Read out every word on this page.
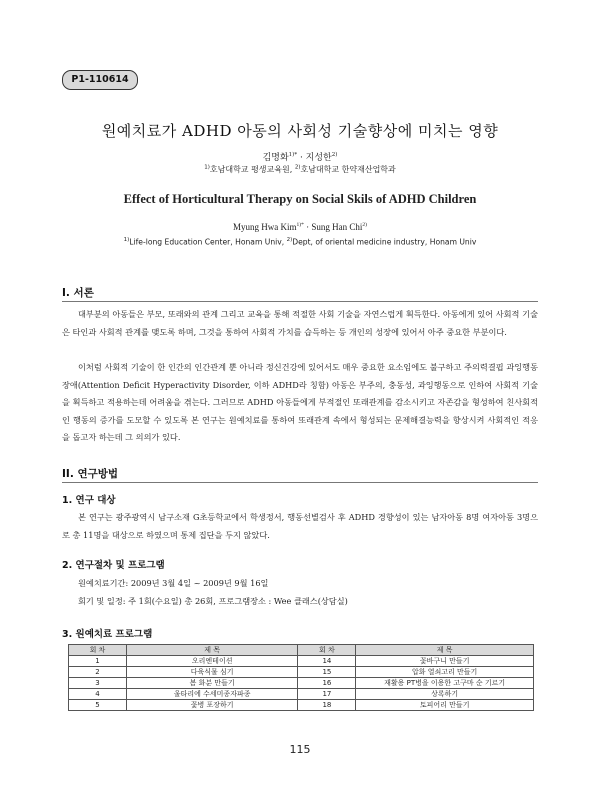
P1-110614
원예치료가 ADHD 아동의 사회성 기술향상에 미치는 영향
김명화$^{1)*}$ · 지성한$^{2)}$
$^{1)}$호남대학교 평생교육원, $^{2)}$호남대학교 한약재산업학과
Effect of Horticultural Therapy on Social Skils of ADHD Children
Myung Hwa Kim$^{1)*}$ · Sung Han Chi$^{2)}$
$^{1)}$Life-long Education Center, Honam Univ, $^{2)}$Dept, of oriental medicine industry, Honam Univ
I. 서론
대부분의 아동들은 부모, 또래와의 관계 그리고 교육을 통해 적절한 사회 기술을 자연스럽게 획득한다. 아동에게 있어 사회적 기술은 타인과 사회적 관계를 맺도록 하며, 그것을 통하여 사회적 가치를 습득하는 등 개인의 성장에 있어서 아주 중요한 부분이다.
이처럼 사회적 기술이 한 인간의 인간관계 뿐 아니라 정신건강에 있어서도 매우 중요한 요소임에도 불구하고 주의력결핍 과잉행동장애(Attention Deficit Hyperactivity Disorder, 이하 ADHD라 칭함) 아동은 부주의, 충동성, 과잉행동으로 인하여 사회적 기술을 획득하고 적용하는데 어려움을 겪는다. 그러므로 ADHD 아동들에게 부적절인 또래관계를 감소시키고 자존감을 형성하여 친사회적인 행동의 증가를 도모할 수 있도록 본 연구는 원예치료를 통하여 또래관계 속에서 형성되는 문제해결능력을 향상시켜 사회적인 적응을 돕고자 하는데 그 의의가 있다.
II. 연구방법
1. 연구 대상
본 연구는 광주광역시 남구소재 G초등학교에서 학생정서, 행동선별검사 후 ADHD 경향성이 있는 남자아동 8명 여자아동 3명으로 총 11명을 대상으로 하였으며 통제 집단을 두지 않았다.
2. 연구절차 및 프로그램
원예치료기간: 2009년 3월 4일 ~ 2009년 9월 16일
회기 및 일정: 주 1회(수요일) 총 26회, 프로그램장소 : Wee 클래스(상담실)
3. 원예치료 프로그램
회 차	제 목	회 차	제 목
1	오리엔테이션	14	꽃바구니 만들기
2	다육식물 심기	15	압화 열쇠고리 만들기
3	봄 화분 만들기	16	재활용 PT병을 이용한 고구마 순 기르기
4	울타리에 수세미종자파종	17	상록하기
5	꽃병 포장하기	18	토피어리 만들기
115
